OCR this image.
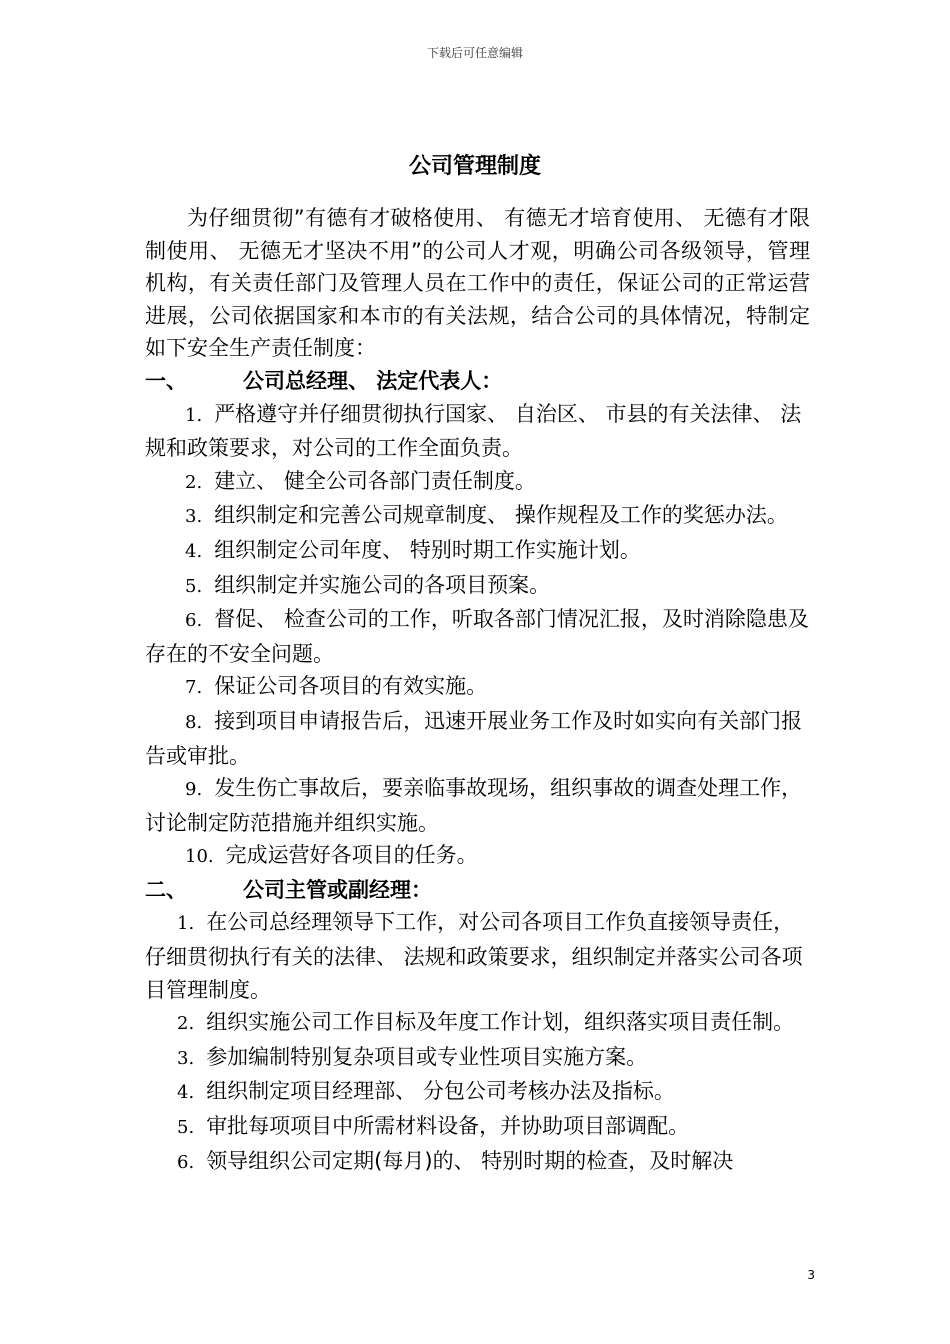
下载后可任意编辑
公司管理制度

为仔细贯彻”有德有才破格使用、 有德无才培育使用、 无德有才限制使用、 无德无才坚决不用”的公司人才观，明确公司各级领导，管理机构，有关责任部门及管理人员在工作中的责任，保证公司的正常运营进展，公司依据国家和本市的有关法规，结合公司的具体情况，特制定如下安全生产责任制度：

一、	公司总经理、 法定代表人：

1. 严格遵守并仔细贯彻执行国家、 自治区、 市县的有关法律、 法规和政策要求，对公司的工作全面负责。

2. 建立、 健全公司各部门责任制度。

3. 组织制定和完善公司规章制度、 操作规程及工作的奖惩办法。

4. 组织制定公司年度、 特别时期工作实施计划。

5. 组织制定并实施公司的各项目预案。

6. 督促、 检查公司的工作，听取各部门情况汇报，及时消除隐患及存在的不安全问题。

7. 保证公司各项目的有效实施。

8. 接到项目申请报告后，迅速开展业务工作及时如实向有关部门报告或审批。

9. 发生伤亡事故后，要亲临事故现场，组织事故的调查处理工作，讨论制定防范措施并组织实施。

10. 完成运营好各项目的任务。

二、	公司主管或副经理：

1. 在公司总经理领导下工作，对公司各项目工作负直接领导责任，仔细贯彻执行有关的法律、 法规和政策要求，组织制定并落实公司各项目管理制度。

2. 组织实施公司工作目标及年度工作计划，组织落实项目责任制。

3. 参加编制特别复杂项目或专业性项目实施方案。

4. 组织制定项目经理部、 分包公司考核办法及指标。

5. 审批每项项目中所需材料设备，并协助项目部调配。

6. 领导组织公司定期(每月)的、 特别时期的检查，及时解决

3
